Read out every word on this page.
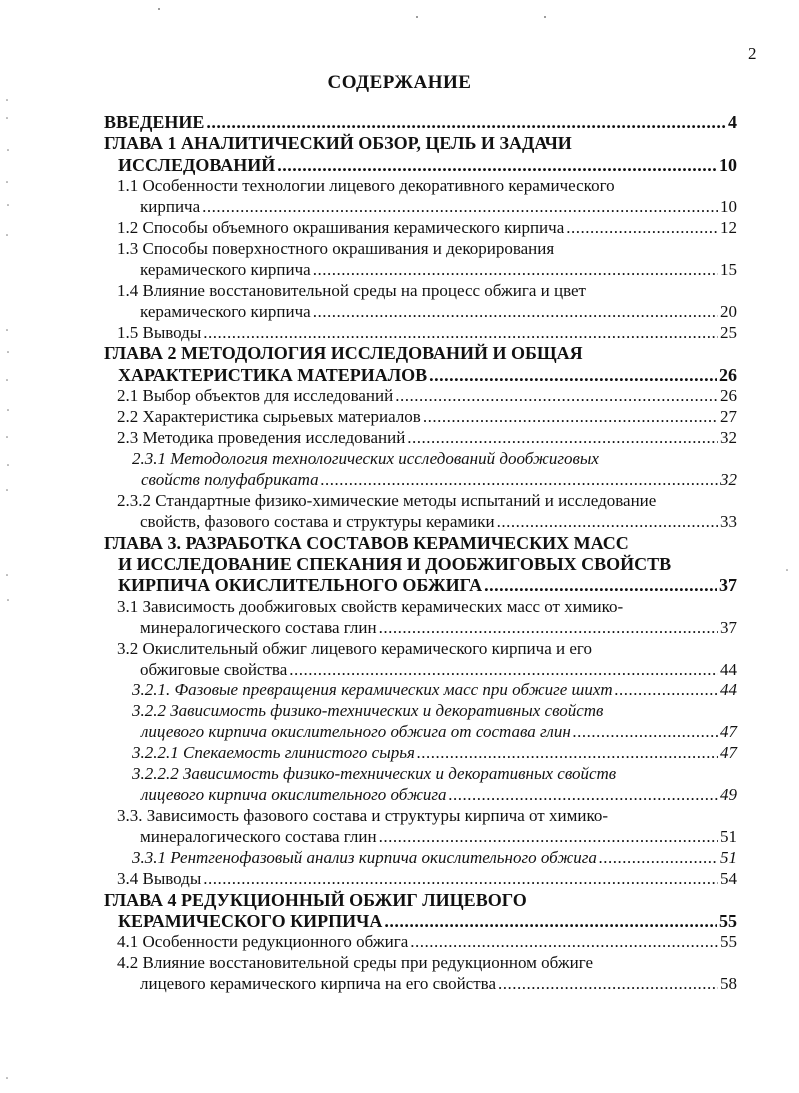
2
СОДЕРЖАНИЕ
ВВЕДЕНИЕ .....	4
ГЛАВА 1 АНАЛИТИЧЕСКИЙ ОБЗОР, ЦЕЛЬ И ЗАДАЧИ
ИССЛЕДОВАНИЙ .....	10
1.1 Особенности технологии лицевого декоративного керамического
кирпича .....	10
1.2 Способы объемного окрашивания керамического кирпича .....	12
1.3 Способы поверхностного окрашивания и декорирования
керамического кирпича .....	15
1.4 Влияние восстановительной среды на процесс обжига и цвет
керамического кирпича .....	20
1.5 Выводы .....	25
ГЛАВА 2 МЕТОДОЛОГИЯ ИССЛЕДОВАНИЙ И ОБЩАЯ
ХАРАКТЕРИСТИКА МАТЕРИАЛОВ .....	26
2.1 Выбор объектов для исследований .....	26
2.2 Характеристика сырьевых материалов .....	27
2.3 Методика проведения исследований .....	32
2.3.1 Методология технологических исследований дообжиговых
свойств полуфабриката .....	32
2.3.2 Стандартные физико-химические методы испытаний и исследование
свойств, фазового состава и структуры керамики .....	33
ГЛАВА 3. РАЗРАБОТКА СОСТАВОВ КЕРАМИЧЕСКИХ МАСС
И ИССЛЕДОВАНИЕ СПЕКАНИЯ И ДООБЖИГОВЫХ СВОЙСТВ
КИРПИЧА ОКИСЛИТЕЛЬНОГО ОБЖИГА .....	37
3.1 Зависимость дообжиговых свойств керамических масс от химико-
минералогического состава глин .....	37
3.2 Окислительный обжиг лицевого керамического кирпича и его
обжиговые свойства .....	44
3.2.1. Фазовые превращения керамических масс при обжиге шихт .....	44
3.2.2 Зависимость физико-технических и декоративных свойств
лицевого кирпича окислительного обжига от состава глин .....	47
3.2.2.1 Спекаемость глинистого сырья .....	47
3.2.2.2 Зависимость физико-технических и декоративных свойств
лицевого кирпича окислительного обжига .....	49
3.3. Зависимость фазового состава и структуры кирпича от химико-
минералогического состава глин .....	51
3.3.1 Рентгенофазовый анализ кирпича окислительного обжига .....	51
3.4 Выводы .....	54
ГЛАВА 4 РЕДУКЦИОННЫЙ ОБЖИГ ЛИЦЕВОГО
КЕРАМИЧЕСКОГО КИРПИЧА .....	55
4.1 Особенности редукционного обжига .....	55
4.2 Влияние восстановительной среды при редукционном обжиге
лицевого керамического кирпича на его свойства .....	58
